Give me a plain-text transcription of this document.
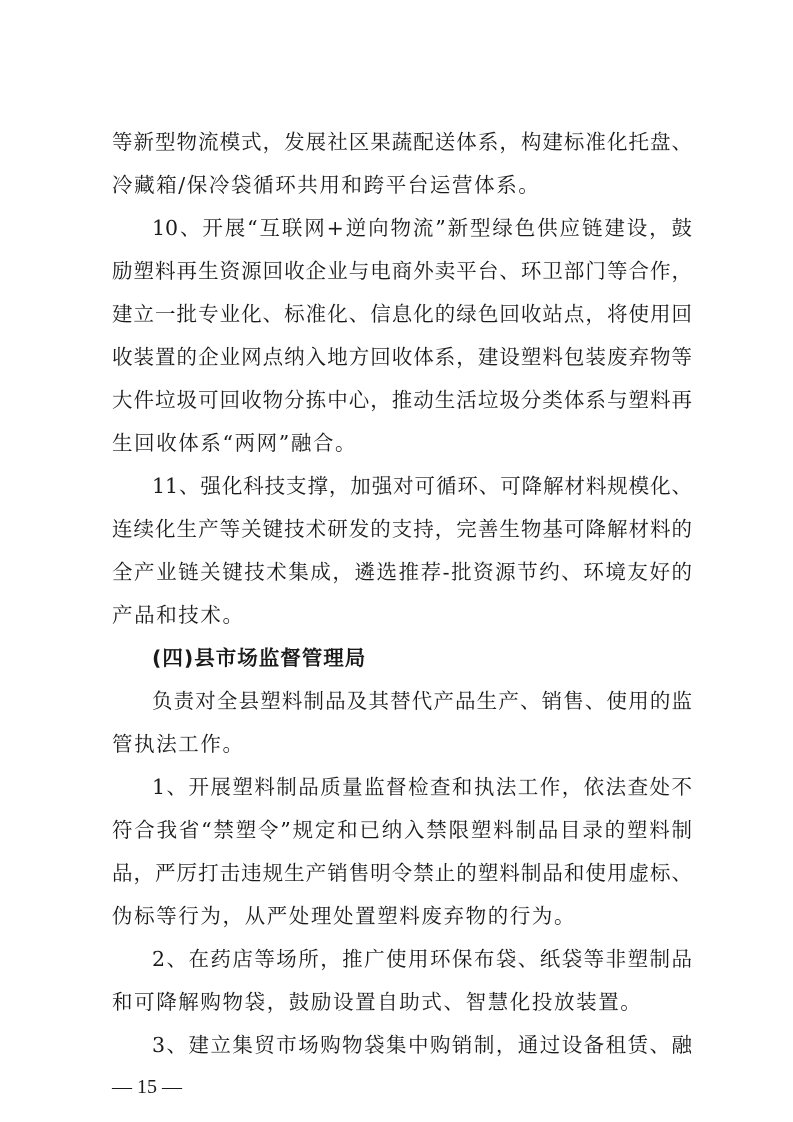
等新型物流模式，发展社区果蔬配送体系，构建标准化托盘、
冷藏箱/保冷袋循环共用和跨平台运营体系。
10、开展“互联网+逆向物流”新型绿色供应链建设，鼓
励塑料再生资源回收企业与电商外卖平台、环卫部门等合作，
建立一批专业化、标准化、信息化的绿色回收站点，将使用回
收装置的企业网点纳入地方回收体系，建设塑料包装废弃物等
大件垃圾可回收物分拣中心，推动生活垃圾分类体系与塑料再
生回收体系“两网”融合。
11、强化科技支撑，加强对可循环、可降解材料规模化、
连续化生产等关键技术研发的支持，完善生物基可降解材料的
全产业链关键技术集成，遴选推荐-批资源节约、环境友好的
产品和技术。
(四)县市场监督管理局
负责对全县塑料制品及其替代产品生产、销售、使用的监
管执法工作。
1、开展塑料制品质量监督检查和执法工作，依法查处不
符合我省“禁塑令”规定和已纳入禁限塑料制品目录的塑料制
品，严厉打击违规生产销售明令禁止的塑料制品和使用虚标、
伪标等行为，从严处理处置塑料废弃物的行为。
2、在药店等场所，推广使用环保布袋、纸袋等非塑制品
和可降解购物袋，鼓励设置自助式、智慧化投放装置。
3、建立集贸市场购物袋集中购销制，通过设备租赁、融
— 15 —
